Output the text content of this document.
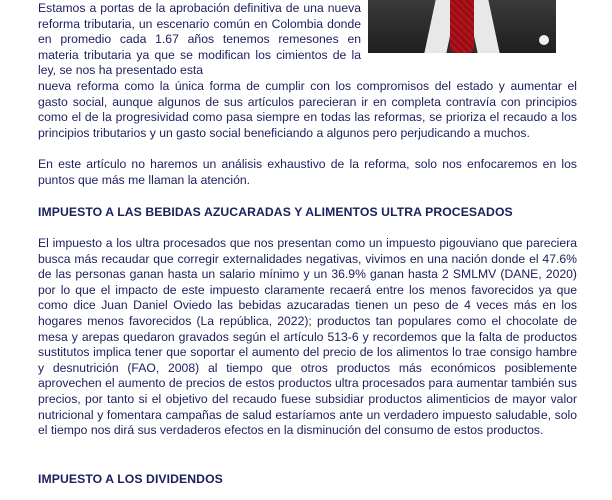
Estamos a portas de la aprobación definitiva de una nueva reforma tributaria, un escenario común en Colombia donde en promedio cada 1.67 años tenemos remesones en materia tributaria ya que se modifican los cimientos de la ley, se nos ha presentado esta

nueva reforma como la única forma de cumplir con los compromisos del estado y aumentar el gasto social, aunque algunos de sus artículos parecieran ir en completa contravía con principios como el de la progresividad como pasa siempre en todas las reformas, se prioriza el recaudo a los principios tributarios y un gasto social beneficiando a algunos pero perjudicando a muchos.

En este artículo no haremos un análisis exhaustivo de la reforma, solo nos enfocaremos en los puntos que más me llaman la atención.

IMPUESTO A LAS BEBIDAS AZUCARADAS Y ALIMENTOS ULTRA PROCESADOS

El impuesto a los ultra procesados que nos presentan como un impuesto pigouviano que pareciera busca más recaudar que corregir externalidades negativas, vivimos en una nación donde el 47.6% de las personas ganan hasta un salario mínimo y un 36.9% ganan hasta 2 SMLMV (DANE, 2020) por lo que el impacto de este impuesto claramente recaerá entre los menos favorecidos ya que como dice Juan Daniel Oviedo las bebidas azucaradas tienen un peso de 4 veces más en los hogares menos favorecidos (La república, 2022); productos tan populares como el chocolate de mesa y arepas quedaron gravados según el artículo 513-6 y recordemos que la falta de productos sustitutos implica tener que soportar el aumento del precio de los alimentos lo trae consigo hambre y desnutrición (FAO, 2008) al tiempo que otros productos más económicos posiblemente aprovechen el aumento de precios de estos productos ultra procesados para aumentar también sus precios, por tanto si el objetivo del recaudo fuese subsidiar productos alimenticios de mayor valor nutricional y fomentara campañas de salud estaríamos ante un verdadero impuesto saludable, solo el tiempo nos dirá sus verdaderos efectos en la disminución del consumo de estos productos.

IMPUESTO A LOS DIVIDENDOS
